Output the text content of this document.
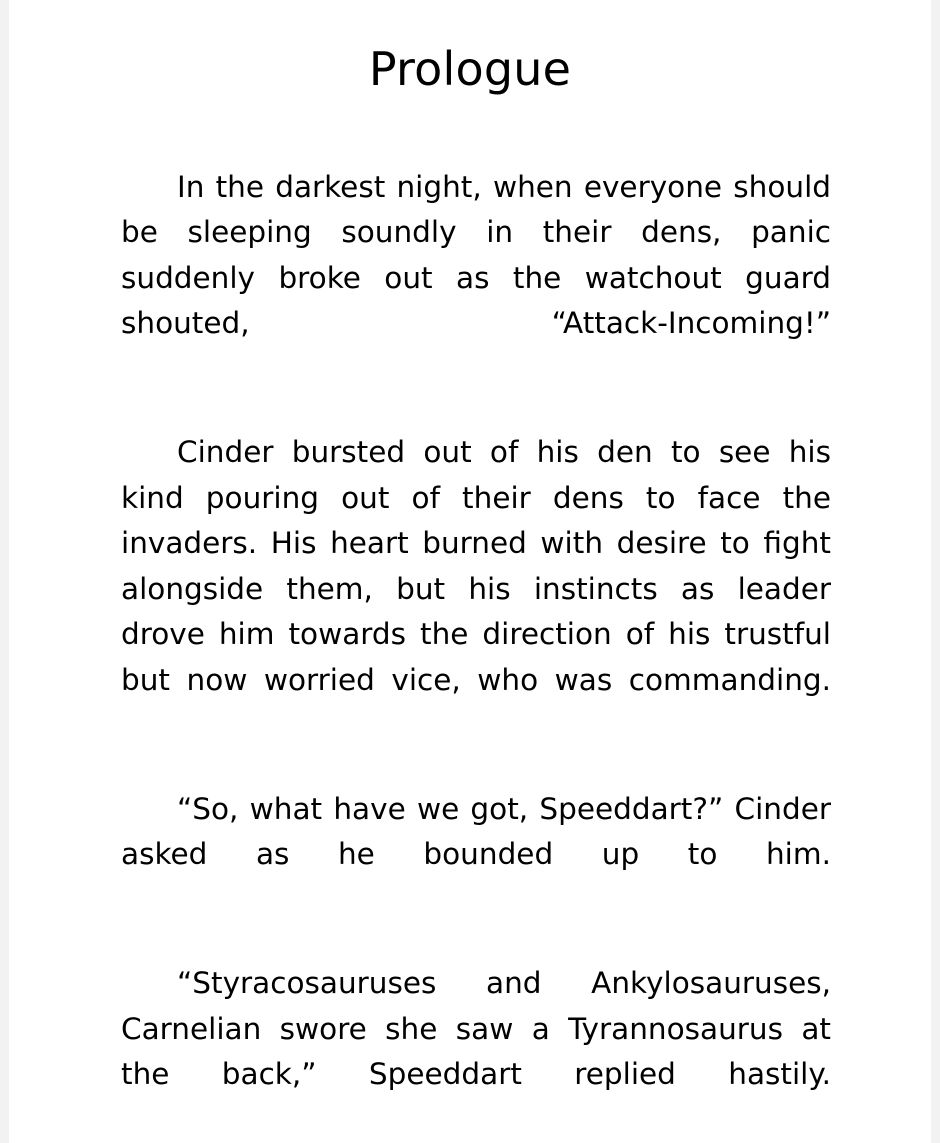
Prologue

In the darkest night, when everyone should be sleeping soundly in their dens, panic suddenly broke out as the watchout guard shouted, “Attack-Incoming!”

Cinder bursted out of his den to see his kind pouring out of their dens to face the invaders. His heart burned with desire to fight alongside them, but his instincts as leader drove him towards the direction of his trustful but now worried vice, who was commanding.

“So, what have we got, Speeddart?” Cinder asked as he bounded up to him.

“Styracosauruses and Ankylosauruses, Carnelian swore she saw a Tyrannosaurus at the back,” Speeddart replied hastily.
